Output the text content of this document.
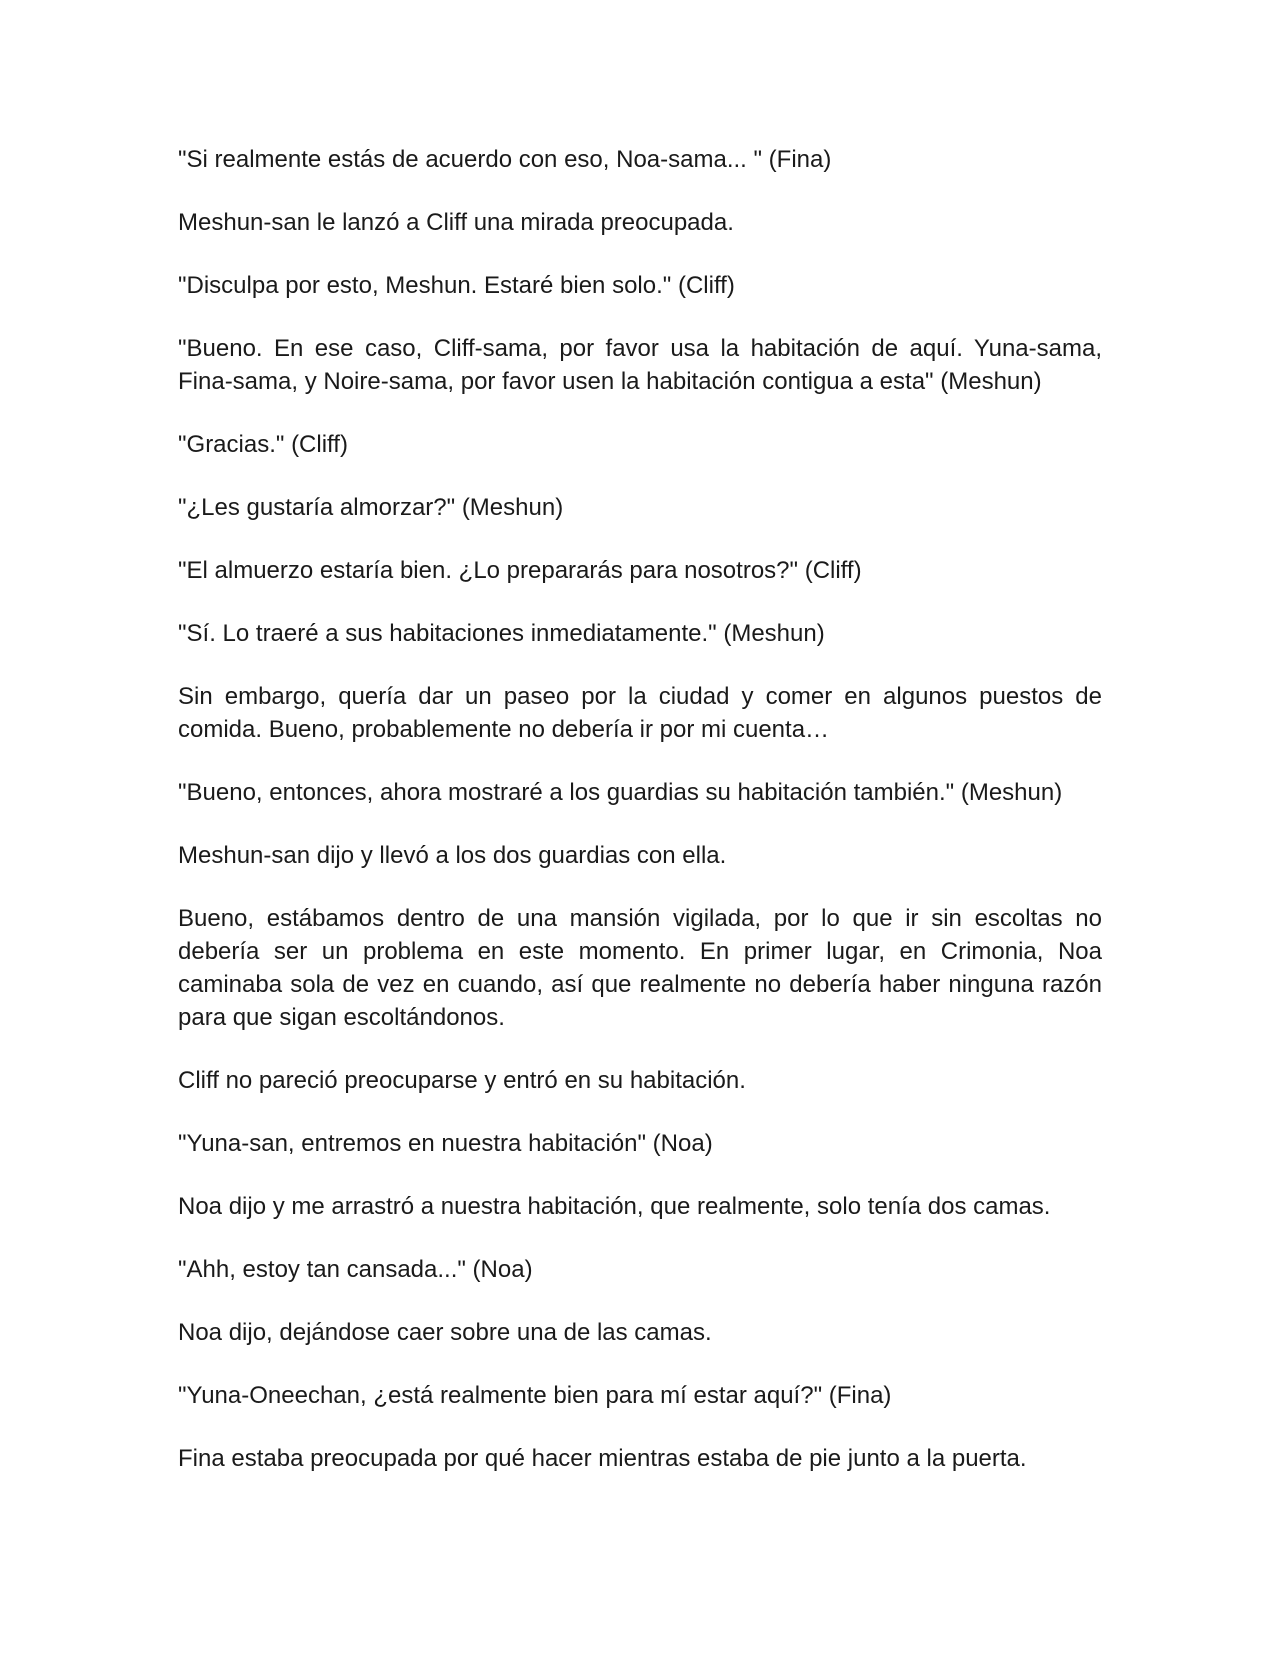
"Si realmente estás de acuerdo con eso, Noa-sama... " (Fina)

Meshun-san le lanzó a Cliff una mirada preocupada.

"Disculpa por esto, Meshun. Estaré bien solo." (Cliff)

"Bueno. En ese caso, Cliff-sama, por favor usa la habitación de aquí. Yuna-sama, Fina-sama, y Noire-sama, por favor usen la habitación contigua a esta" (Meshun)

"Gracias." (Cliff)

"¿Les gustaría almorzar?" (Meshun)

"El almuerzo estaría bien. ¿Lo prepararás para nosotros?" (Cliff)

"Sí. Lo traeré a sus habitaciones inmediatamente." (Meshun)

Sin embargo, quería dar un paseo por la ciudad y comer en algunos puestos de comida. Bueno, probablemente no debería ir por mi cuenta…

"Bueno, entonces, ahora mostraré a los guardias su habitación también." (Meshun)

Meshun-san dijo y llevó a los dos guardias con ella.

Bueno, estábamos dentro de una mansión vigilada, por lo que ir sin escoltas no debería ser un problema en este momento. En primer lugar, en Crimonia, Noa caminaba sola de vez en cuando, así que realmente no debería haber ninguna razón para que sigan escoltándonos.

Cliff no pareció preocuparse y entró en su habitación.

"Yuna-san, entremos en nuestra habitación" (Noa)

Noa dijo y me arrastró a nuestra habitación, que realmente, solo tenía dos camas.

"Ahh, estoy tan cansada..." (Noa)

Noa dijo, dejándose caer sobre una de las camas.

"Yuna-Oneechan, ¿está realmente bien para mí estar aquí?" (Fina)

Fina estaba preocupada por qué hacer mientras estaba de pie junto a la puerta.
